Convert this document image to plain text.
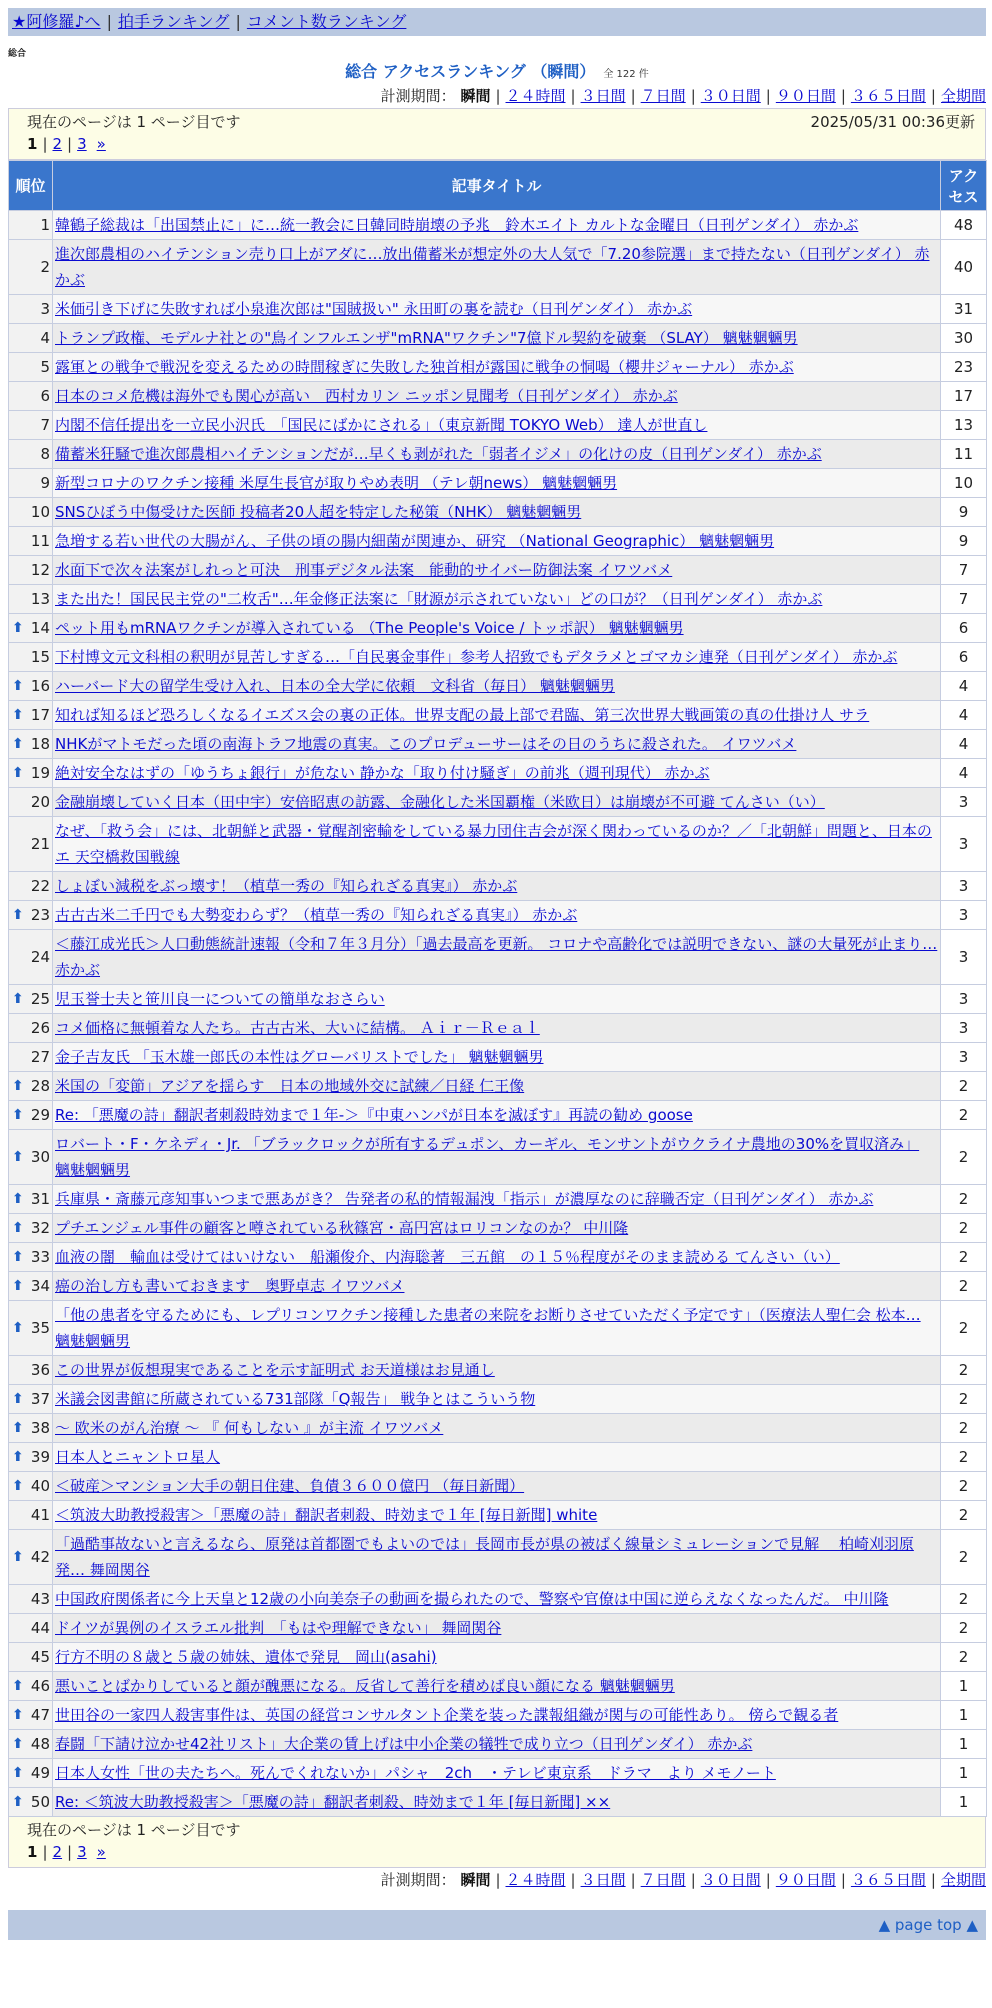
★阿修羅♪へ | 拍手ランキング | コメント数ランキング
総合
総合 アクセスランキング （瞬間） 全 122 件
計測期間： 瞬間 | ２４時間 | ３日間 | ７日間 | ３０日間 | ９０日間 | ３６５日間 | 全期間
現在のページは 1 ページ目です	2025/05/31 00:36更新
1 | 2 | 3 »
順位	記事タイトル	アクセス
1	韓鶴子総裁は「出国禁止に」に…統一教会に日韓同時崩壊の予兆　鈴木エイト カルトな金曜日（日刊ゲンダイ） 赤かぶ	48
2	進次郎農相のハイテンション売り口上がアダに…放出備蓄米が想定外の大人気で「7.20参院選」まで持たない（日刊ゲンダイ） 赤かぶ	40
3	米価引き下げに失敗すれば小泉進次郎は"国賊扱い" 永田町の裏を読む（日刊ゲンダイ） 赤かぶ	31
4	トランプ政権、モデルナ社との"鳥インフルエンザ"mRNA"ワクチン"7億ドル契約を破棄 （SLAY） 魑魅魍魎男	30
5	露軍との戦争で戦況を変えるための時間稼ぎに失敗した独首相が露国に戦争の恫喝（櫻井ジャーナル） 赤かぶ	23
6	日本のコメ危機は海外でも関心が高い　西村カリン ニッポン見聞考（日刊ゲンダイ） 赤かぶ	17
7	内閣不信任提出を一立民小沢氏　「国民にばかにされる」（東京新聞 TOKYO Web） 達人が世直し	13
8	備蓄米狂騒で進次郎農相ハイテンションだが…早くも剥がれた「弱者イジメ」の化けの皮（日刊ゲンダイ） 赤かぶ	11
9	新型コロナのワクチン接種 米厚生長官が取りやめ表明 （テレ朝news） 魑魅魍魎男	10
10	SNSひぼう中傷受けた医師 投稿者20人超を特定した秘策（NHK） 魑魅魍魎男	9
11	急増する若い世代の大腸がん、子供の頃の腸内細菌が関連か、研究 （National Geographic） 魑魅魍魎男	9
12	水面下で次々法案がしれっと可決　刑事デジタル法案　能動的サイバー防御法案 イワツバメ	7
13	また出た！国民民主党の"二枚舌"…年金修正法案に「財源が示されていない」どの口が？（日刊ゲンダイ） 赤かぶ	7

⬆ 14	ペット用もmRNAワクチンが導入されている （The People's Voice / トッポ訳） 魑魅魍魎男	6
15	下村博文元文科相の釈明が見苦しすぎる…「自民裏金事件」参考人招致でもデタラメとゴマカシ連発（日刊ゲンダイ） 赤かぶ	6

⬆ 16	ハーバード大の留学生受け入れ、日本の全大学に依頼　文科省（毎日） 魑魅魍魎男	4

⬆ 17	知れば知るほど恐ろしくなるイエズス会の裏の正体。世界支配の最上部で君臨、第三次世界大戦画策の真の仕掛け人 サラ	4

⬆ 18	NHKがマトモだった頃の南海トラフ地震の真実。このプロデューサーはその日のうちに殺された。 イワツバメ	4

⬆ 19	絶対安全なはずの「ゆうちょ銀行」が危ない 静かな「取り付け騒ぎ」の前兆（週刊現代） 赤かぶ	4
20	金融崩壊していく日本（田中宇）安倍昭恵の訪露、金融化した米国覇権（米欧日）は崩壊が不可避 てんさい（い）	3
21	なぜ、「救う会」には、北朝鮮と武器・覚醒剤密輸をしている暴力団住吉会が深く関わっているのか？／「北朝鮮」問題と、日本のエ 天空橋救国戦線	3
22	しょぼい減税をぶっ壊す！（植草一秀の『知られざる真実』） 赤かぶ	3

⬆ 23	古古古米二千円でも大勢変わらず？（植草一秀の『知られざる真実』） 赤かぶ	3
24	＜藤江成光氏＞人口動態統計速報（令和７年３月分）「過去最高を更新。 コロナや高齢化では説明できない、謎の大量死が止まり… 赤かぶ	3

⬆ 25	児玉誉士夫と笹川良一についての簡単なおさらい	3
26	コメ価格に無頓着な人たち。古古古米、大いに結構。 Ａｉｒ－Ｒｅａｌ	3
27	金子吉友氏 「玉木雄一郎氏の本性はグローバリストでした」 魑魅魍魎男	3

⬆ 28	米国の「変節」アジアを揺らす　日本の地域外交に試練／日経 仁王像	2

⬆ 29	Re: 「悪魔の詩」翻訳者刺殺時効まで１年-＞『中東ハンパが日本を滅ぼす』再読の勧め goose	2

⬆ 30	ロバート・F・ケネディ・Jr. 「ブラックロックが所有するデュポン、カーギル、モンサントがウクライナ農地の30%を買収済み」 魑魅魍魎男	2

⬆ 31	兵庫県・斎藤元彦知事いつまで悪あがき？ 告発者の私的情報漏洩「指示」が濃厚なのに辞職否定（日刊ゲンダイ） 赤かぶ	2

⬆ 32	プチエンジェル事件の顧客と噂されている秋篠宮・高円宮はロリコンなのか？ 中川隆	2

⬆ 33	血液の闇　輸血は受けてはいけない　船瀬俊介、内海聡著　三五館　の１５％程度がそのまま読める てんさい（い）	2

⬆ 34	癌の治し方も書いておきます　奥野卓志 イワツバメ	2

⬆ 35	「他の患者を守るためにも、レプリコンワクチン接種した患者の来院をお断りさせていただく予定です」（医療法人聖仁会 松本… 魑魅魍魎男	2
36	この世界が仮想現実であることを示す証明式 お天道様はお見通し	2

⬆ 37	米議会図書館に所蔵されている731部隊「Q報告」 戦争とはこういう物	2

⬆ 38	～ 欧米のがん治療 ～ 『 何もしない 』が主流 イワツバメ	2

⬆ 39	日本人とニャントロ星人	2

⬆ 40	＜破産＞マンション大手の朝日住建、負債３６００億円 （毎日新聞）	2
41	＜筑波大助教授殺害＞「悪魔の詩」翻訳者刺殺、時効まで１年 [毎日新聞] white	2

⬆ 42	「過酷事故ないと言えるなら、原発は首都圏でもよいのでは」長岡市長が県の被ばく線量シミュレーションで見解　 柏崎刈羽原発… 舞岡関谷	2
43	中国政府関係者に今上天皇と12歳の小向美奈子の動画を撮られたので、警察や官僚は中国に逆らえなくなったんだ。 中川隆	2
44	ドイツが異例のイスラエル批判　「もはや理解できない」 舞岡関谷	2
45	行方不明の８歳と５歳の姉妹、遺体で発見　岡山(asahi)	2

⬆ 46	悪いことばかりしていると顔が醜悪になる。反省して善行を積めば良い顔になる 魑魅魍魎男	1

⬆ 47	世田谷の一家四人殺害事件は、英国の経営コンサルタント企業を装った諜報組織が関与の可能性あり。 傍らで観る者	1

⬆ 48	春闘「下請け泣かせ42社リスト」大企業の賃上げは中小企業の犠牲で成り立つ（日刊ゲンダイ） 赤かぶ	1

⬆ 49	日本人女性「世の夫たちへ。死んでくれないか」パシャ　2ch　・テレビ東京系　ドラマ　より メモノート	1

⬆ 50	Re: ＜筑波大助教授殺害＞「悪魔の詩」翻訳者刺殺、時効まで１年 [毎日新聞] ××	1
現在のページは 1 ページ目です
1 | 2 | 3 »
計測期間： 瞬間 | ２４時間 | ３日間 | ７日間 | ３０日間 | ９０日間 | ３６５日間 | 全期間
▲ page top ▲
